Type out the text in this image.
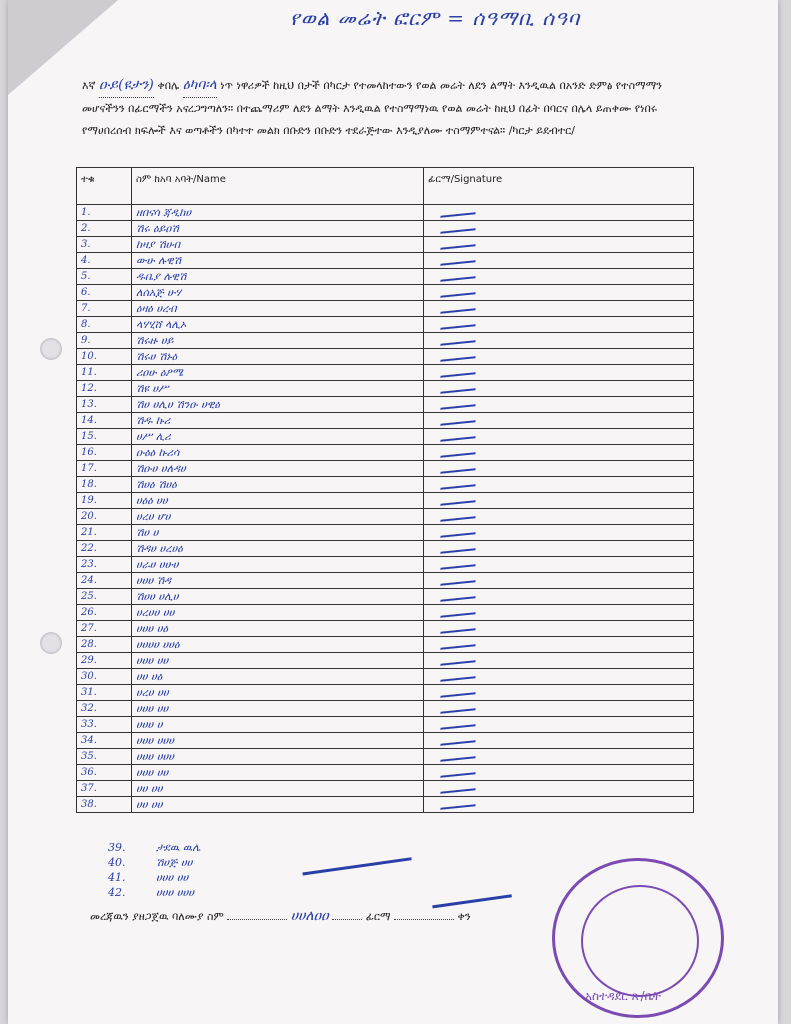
የወል መሬት ፎርም = ሰዓማቢ ሰዓባ
እኛ ዑይ(ዩታን) ቀበሌ ዕካባ፡ላ ነጥ ነዋሪዎች ከዚህ በታች በካርታ የተመላከተውን የወል መሬት ለደን ልማት እንዲዉል በአንድ ድምፅ የተስማማን መሆናችንን በፊርማችን አናረጋግጣለን። በተጨማሪም ለደን ልማት እንዲዉል የተስማማነዉ የወል መሬት ከዚህ በፊት በባርና በሌላ ይጠቀሙ የነበሩ የማሀበረሰብ ክፍሎች እና ወጣቶችን በካተተ መልክ በቡድን በቡድን ተደራጅተው እንዲያለሙ ተስማምተናል። /ካርታ ይደብተር/
ተቁ	ስም ከአባ አባት/Name	ፊርማ/Signature
1.	ዘበናሳ ጃዲከሀ	
2.	ሽሩ ዕይዐሽ	
3.	ከዛያ ሽሀብ	
4.	ውሁ ሉዊሽ	
5.	ዱቤያ ሉዊሽ	
6.	ለሰአጅ ሁሃ	
7.	ዕዛዕ ሀረብ	
8.	ላሃሂሸ ላሊኦ	
9.	ሽሩዙ ሀይ	
10.	ሽሩሀ ሽኑዕ	
11.	ሪዐሁ ዕዖሜ	
12.	ሽዩ ሀሥ	
13.	ሽሀ ሀሊሀ ሽንዑ ሀዊዕ	
14.	ሽዱ ኩሪ	
15.	ሀሥ ሊሪ	
16.	ዑዕዕ ኩሪሳ	
17.	ሽዑሀ ሀለዳሀ	
18.	ሽሀዕ ሽሀዕ	
19.	ሀዕዕ ሀሀ	
20.	ሀረሀ ሆሀ	
21.	ሽሀ ሀ	
22.	ሽዳሀ ሀረሀዕ	
23.	ሀራሀ ሀሁሀ	
24.	ሀሀሀ ሽዳ	
25.	ሽሀሀ ሀሊሀ	
26.	ሀረሀሀ ሀሀ	
27.	ሀሀሀ ሀዕ	
28.	ሀሀሀሀ ሀሀዕ	
29.	ሀሀሀ ሀሀ	
30.	ሀሀ ሀዕ	
31.	ሀረሀ ሀሀ	
32.	ሀሀሀ ሀሀ	
33.	ሀሀሀ ሀ	
34.	ሀሀሀ ሀሀሀ	
35.	ሀሀሀ ሀሀሀ	
36.	ሀሀሀ ሀሀ	
37.	ሀሀ ሀሀ	
38.	ሀሀ ሀሀ	
39.	ታደዉ ዉሌ
40.	ሽሀጅ ሀሀ
41.	ሀሀሀ ሀሀ
42.	ሀሀሀ ሀሀሀ
መረጃዉን ያዘጋጀዉ ባለሙያ ስም	ሀሀለዐዐ	ፊርማ	ቀን
አስተዳደር ጽ/ቤት
